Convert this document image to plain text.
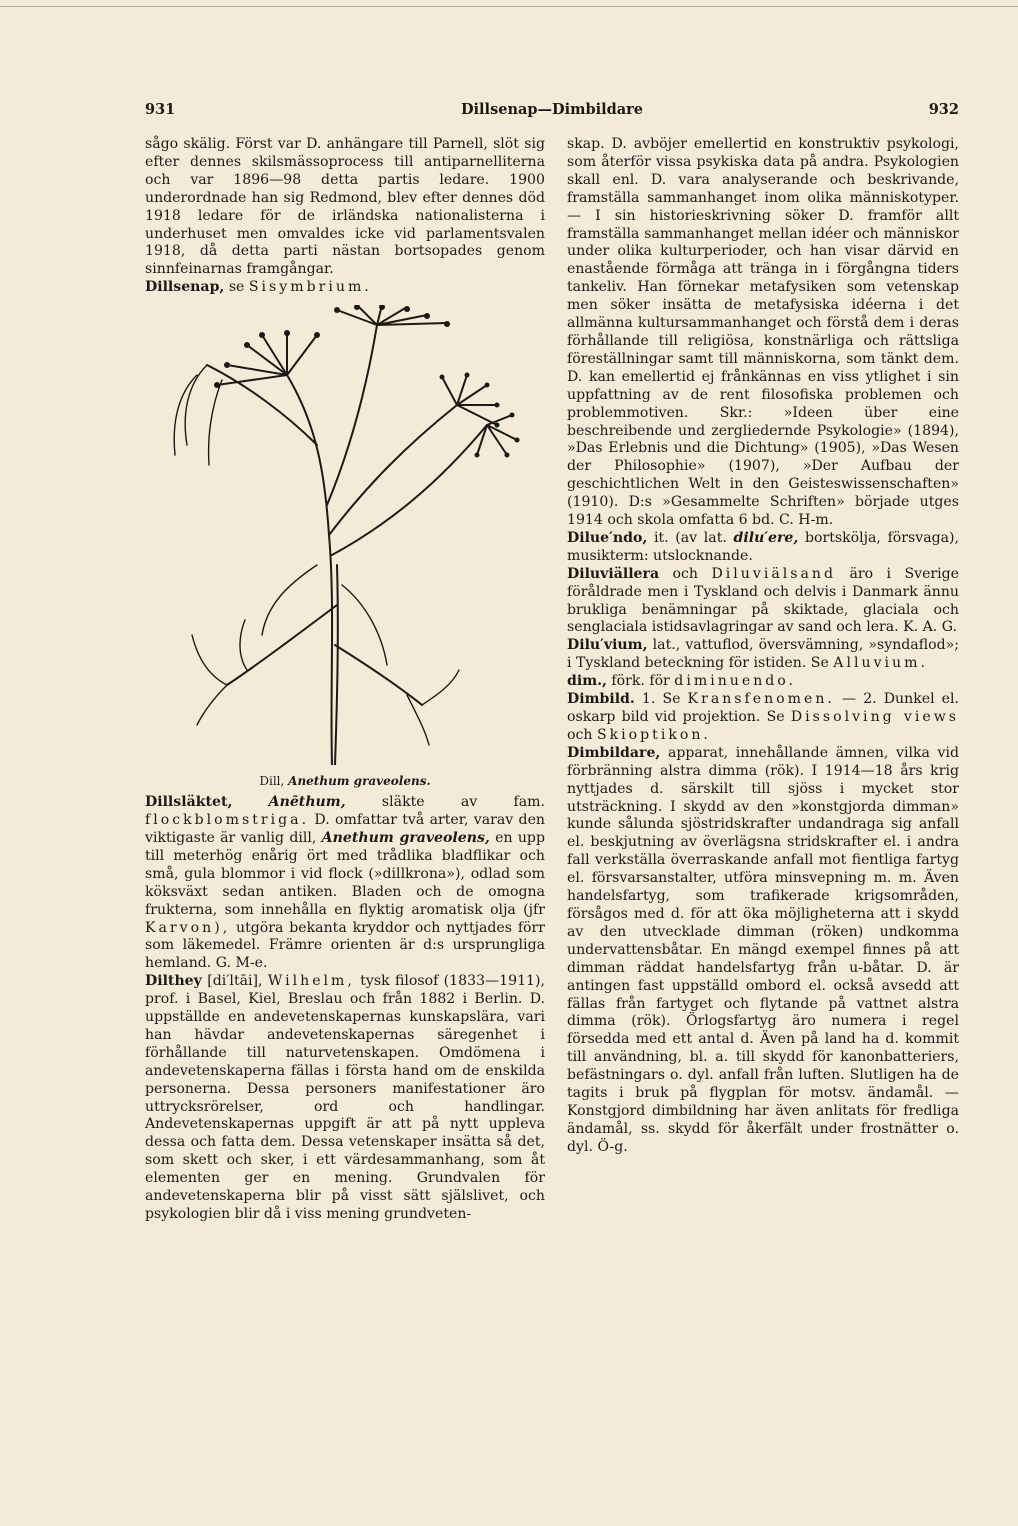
931	Dillsenap—Dimbildare	932

sågo skälig. Först var D. anhängare till Parnell, slöt sig efter dennes skilsmässoprocess till antiparnelliterna och var 1896—98 detta partis ledare. 1900 underordnade han sig Redmond, blev efter dennes död 1918 ledare för de irländska nationalisterna i underhuset men omvaldes icke vid parlamentsvalen 1918, då detta parti nästan bortsopades genom sinnfeinarnas framgångar.

Dillsenap, se Sisymbrium.

Dill, Anethum graveolens.

Dillsläktet,	Anēthum,	släkte av fam. flockblomstriga. D. omfattar två arter, varav den viktigaste är vanlig dill, Anethum graveolens, en upp till meterhög enårig ört med trådlika bladflikar och små, gula blommor i vid flock (»dillkrona»), odlad som köksväxt sedan antiken. Bladen och de omogna frukterna, som innehålla en flyktig aromatisk olja (jfr Karvon), utgöra bekanta kryddor och nyttjades förr som läkemedel. Främre orienten är d:s ursprungliga hemland. G. M-e.

Dilthey [di′ltāi], Wilhelm, tysk filosof (1833—1911), prof. i Basel, Kiel, Breslau och från 1882 i Berlin. D. uppställde en andevetenskapernas kunskapslära, vari han hävdar andevetenskapernas säregenhet i förhållande till naturvetenskapen. Omdömena i andevetenskaperna fällas i första hand om de enskilda personerna. Dessa personers manifestationer äro uttrycksrörelser, ord och handlingar. Andevetenskapernas uppgift är att på nytt uppleva dessa och fatta dem. Dessa vetenskaper insätta så det, som skett och sker, i ett värdesammanhang, som åt elementen ger en mening. Grundvalen för andevetenskaperna blir på visst sätt själslivet, och psykologien blir då i viss mening grundveten-

skap. D. avböjer emellertid en konstruktiv psykologi, som återför vissa psykiska data på andra. Psykologien skall enl. D. vara analyserande och beskrivande, framställa sammanhanget inom olika människotyper. — I sin historieskrivning söker D. framför allt framställa sammanhanget mellan idéer och människor under olika kulturperioder, och han visar därvid en enastående förmåga att tränga in i förgångna tiders tankeliv. Han förnekar metafysiken som vetenskap men söker insätta de metafysiska idéerna i det allmänna kultursammanhanget och förstå dem i deras förhållande till religiösa, konstnärliga och rättsliga föreställningar samt till människorna, som tänkt dem. D. kan emellertid ej frånkännas en viss ytlighet i sin uppfattning av de rent filosofiska problemen och problemmotiven. Skr.: »Ideen über eine beschreibende und zergliedernde Psykologie» (1894), »Das Erlebnis und die Dichtung» (1905), »Das Wesen der Philosophie» (1907), »Der Aufbau der geschichtlichen Welt in den Geisteswissenschaften» (1910). D:s »Gesammelte Schriften» började utges 1914 och skola omfatta 6 bd. C. H-m.

Dilue′ndo, it. (av lat. dilu′ere, bortskölja, försvaga), musikterm: utslocknande.

Diluviällera och Diluviälsand äro i Sverige föråldrade men i Tyskland och delvis i Danmark ännu brukliga benämningar på skiktade, glaciala och senglaciala istidsavlagringar av sand och lera. K. A. G.

Dilu′vium, lat., vattuflod, översvämning, »syndaflod»; i Tyskland beteckning för istiden. Se Alluvium.

dim., förk. för diminuendo.

Dimbild. 1. Se Kransfenomen. — 2. Dunkel el. oskarp bild vid projektion. Se Dissolving views och Skioptikon.

Dimbildare, apparat, innehållande ämnen, vilka vid förbränning alstra dimma (rök). I 1914—18 års krig nyttjades d. särskilt till sjöss i mycket stor utsträckning. I skydd av den »konstgjorda dimman» kunde sålunda sjöstridskrafter undandraga sig anfall el. beskjutning av överlägsna stridskrafter el. i andra fall verkställa överraskande anfall mot fientliga fartyg el. försvarsanstalter, utföra minsvepning m. m. Även handelsfartyg, som trafikerade krigsområden, försågos med d. för att öka möjligheterna att i skydd av den utvecklade dimman (röken) undkomma undervattensbåtar. En mängd exempel finnes på att dimman räddat handelsfartyg från u-båtar. D. är antingen fast uppställd ombord el. också avsedd att fällas från fartyget och flytande på vattnet alstra dimma (rök). Örlogsfartyg äro numera i regel försedda med ett antal d. Även på land ha d. kommit till användning, bl. a. till skydd för kanonbatteriers, befästningars o. dyl. anfall från luften. Slutligen ha de tagits i bruk på flygplan för motsv. ändamål. — Konstgjord dimbildning har även anlitats för fredliga ändamål, ss. skydd för åkerfält under frostnätter o. dyl. Ö-g.
